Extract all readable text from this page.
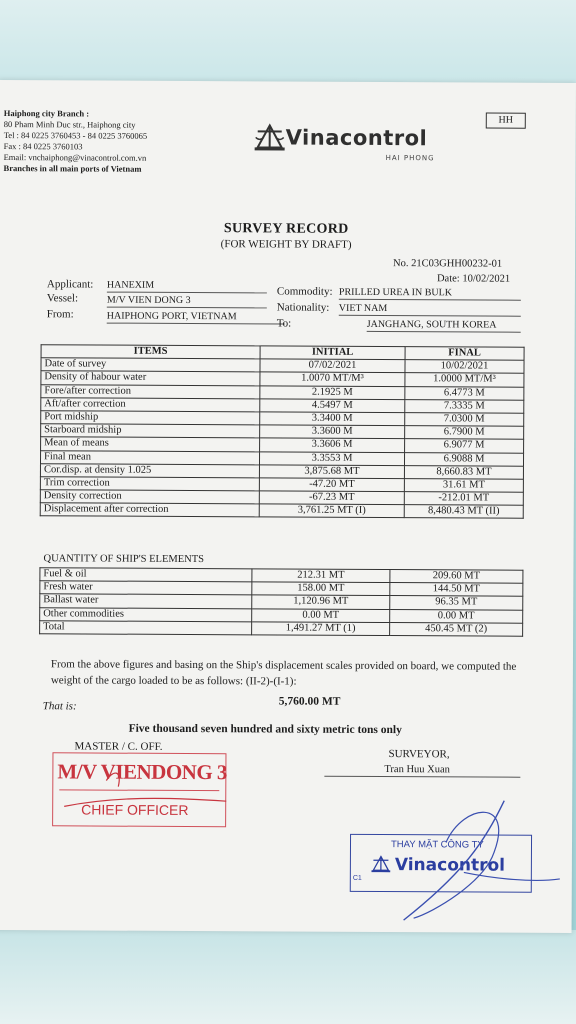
Haiphong city Branch :
80 Pham Minh Duc str., Haiphong city
Tel : 84 0225 3760453 - 84 0225 3760065
Fax : 84 0225 3760103
Email: vnchaiphong@vinacontrol.com.vn
Branches in all main ports of Vietnam
HH
Vinacontrol
HAI PHONG
SURVEY RECORD
(FOR WEIGHT BY DRAFT)
No. 21C03GHH00232-01
Date: 10/02/2021
Applicant: HANEXIM
Vessel:	M/V VIEN DONG 3
From:	HAIPHONG PORT, VIETNAM
Commodity: PRILLED UREA IN BULK
Nationality: VIET NAM
To:	JANGHANG, SOUTH KOREA
ITEMS	INITIAL	FINAL
Date of survey	07/02/2021	10/02/2021
Density of habour water	1.0070 MT/M³	1.0000 MT/M³
Fore/after correction	2.1925 M	6.4773 M
Aft/after correction	4.5497 M	7.3335 M
Port midship	3.3400 M	7.0300 M
Starboard midship	3.3600 M	6.7900 M
Mean of means	3.3606 M	6.9077 M
Final mean	3.3553 M	6.9088 M
Cor.disp. at density 1.025	3,875.68 MT	8,660.83 MT
Trim correction	-47.20 MT	31.61 MT
Density correction	-67.23 MT	-212.01 MT
Displacement after correction	3,761.25 MT (I)	8,480.43 MT (II)
QUANTITY OF SHIP'S ELEMENTS
Fuel & oil	212.31 MT	209.60 MT
Fresh water	158.00 MT	144.50 MT
Ballast water	1,120.96 MT	96.35 MT
Other commodities	0.00 MT	0.00 MT
Total	1,491.27 MT (1)	450.45 MT (2)
From the above figures and basing on the Ship's displacement scales provided on board, we computed the weight of the cargo loaded to be as follows: (II-2)-(I-1):
That is:	5,760.00 MT
Five thousand seven hundred and sixty metric tons only
MASTER / C. OFF.
SURVEYOR,
Tran Huu Xuan
M/V VIENDONG 3
CHIEF OFFICER
THAY MẶT CÔNG TY
Vinacontrol
C1
